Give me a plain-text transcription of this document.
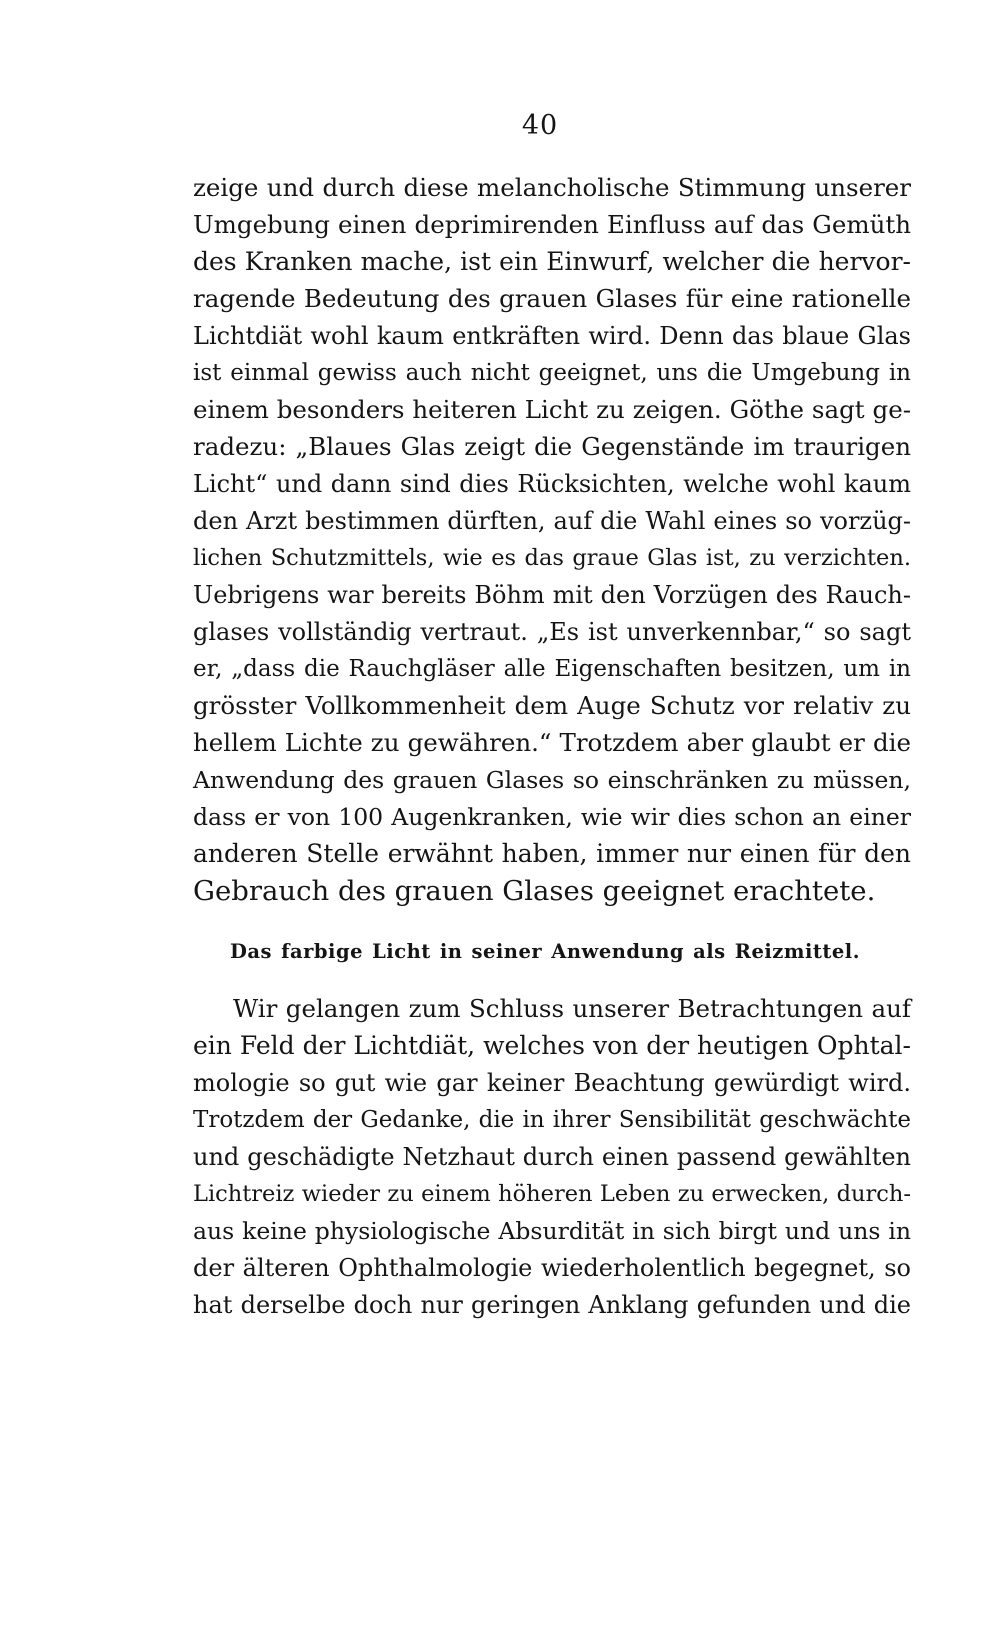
40
zeige und durch diese melancholische Stimmung unserer
Umgebung einen deprimirenden Einfluss auf das Gemüth
des Kranken mache, ist ein Einwurf, welcher die hervor-
ragende Bedeutung des grauen Glases für eine rationelle
Lichtdiät wohl kaum entkräften wird. Denn das blaue Glas
ist einmal gewiss auch nicht geeignet, uns die Umgebung in
einem besonders heiteren Licht zu zeigen. Göthe sagt ge-
radezu: „Blaues Glas zeigt die Gegenstände im traurigen
Licht“ und dann sind dies Rücksichten, welche wohl kaum
den Arzt bestimmen dürften, auf die Wahl eines so vorzüg-
lichen Schutzmittels, wie es das graue Glas ist, zu verzichten.
Uebrigens war bereits Böhm mit den Vorzügen des Rauch-
glases vollständig vertraut. „Es ist unverkennbar,“ so sagt
er, „dass die Rauchgläser alle Eigenschaften besitzen, um in
grösster Vollkommenheit dem Auge Schutz vor relativ zu
hellem Lichte zu gewähren.“ Trotzdem aber glaubt er die
Anwendung des grauen Glases so einschränken zu müssen,
dass er von 100 Augenkranken, wie wir dies schon an einer
anderen Stelle erwähnt haben, immer nur einen für den
Gebrauch des grauen Glases geeignet erachtete.
Das farbige Licht in seiner Anwendung als Reizmittel.
Wir gelangen zum Schluss unserer Betrachtungen auf
ein Feld der Lichtdiät, welches von der heutigen Ophtal-
mologie so gut wie gar keiner Beachtung gewürdigt wird.
Trotzdem der Gedanke, die in ihrer Sensibilität geschwächte
und geschädigte Netzhaut durch einen passend gewählten
Lichtreiz wieder zu einem höheren Leben zu erwecken, durch-
aus keine physiologische Absurdität in sich birgt und uns in
der älteren Ophthalmologie wiederholentlich begegnet, so
hat derselbe doch nur geringen Anklang gefunden und die
